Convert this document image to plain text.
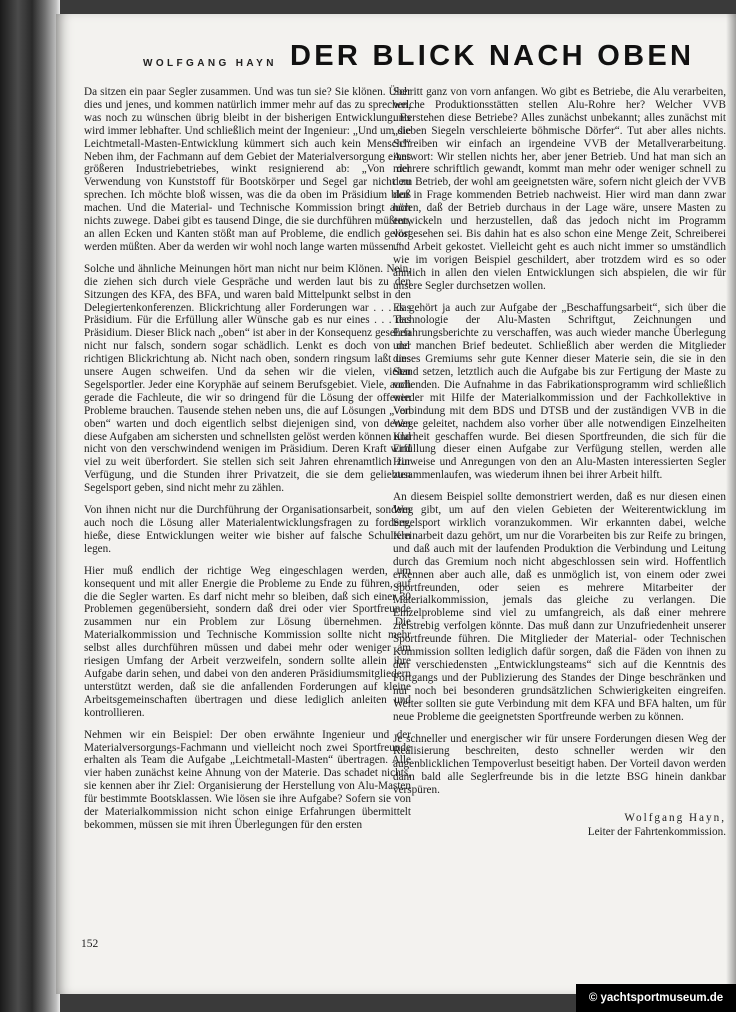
WOLFGANG HAYN DER BLICK NACH OBEN

Da sitzen ein paar Segler zusammen. Und was tun sie? Sie klönen. Über dies und jenes, und kommen natürlich immer mehr auf das zu sprechen, was noch zu wünschen übrig bleibt in der bisherigen Entwicklung. Es wird immer lebhafter. Und schließlich meint der Ingenieur: „Und um die Leichtmetall-Masten-Entwicklung kümmert sich auch kein Mensch!“ Neben ihm, der Fachmann auf dem Gebiet der Materialversorgung eines größeren Industriebetriebes, winkt resignierend ab: „Von der Verwendung von Kunststoff für Bootskörper und Segel gar nicht zu sprechen. Ich möchte bloß wissen, was die da oben im Präsidium bloß machen. Und die Material- und Technische Kommission bringt auch nichts zuwege. Dabei gibt es tausend Dinge, die sie durchführen müßten, an allen Ecken und Kanten stößt man auf Probleme, die endlich gelöst werden müßten. Aber da werden wir wohl noch lange warten müssen.“

Solche und ähnliche Meinungen hört man nicht nur beim Klönen. Nein, die ziehen sich durch viele Gespräche und werden laut bis zu den Sitzungen des KFA, des BFA, und waren bald Mittelpunkt selbst in den Delegiertenkonferenzen. Blickrichtung aller Forderungen war . . . das Präsidium. Für die Erfüllung aller Wünsche gab es nur eines . . . das Präsidium. Dieser Blick nach „oben“ ist aber in der Konsequenz gesehen nicht nur falsch, sondern sogar schädlich. Lenkt es doch von der richtigen Blickrichtung ab. Nicht nach oben, sondern ringsum laßt uns unsere Augen schweifen. Und da sehen wir die vielen, vielen Segelsportler. Jeder eine Koryphäe auf seinem Berufsgebiet. Viele, auch gerade die Fachleute, die wir so dringend für die Lösung der offenen Probleme brauchen. Tausende stehen neben uns, die auf Lösungen „von oben“ warten und doch eigentlich selbst diejenigen sind, von denen diese Aufgaben am sichersten und schnellsten gelöst werden können und nicht von den verschwindend wenigen im Präsidium. Deren Kraft wird viel zu weit überfordert. Sie stellen sich seit Jahren ehrenamtlich zur Verfügung, und die Stunden ihrer Privatzeit, die sie dem geliebten Segelsport geben, sind nicht mehr zu zählen.

Von ihnen nicht nur die Durchführung der Organisationsarbeit, sondern auch noch die Lösung aller Materialentwicklungsfragen zu fordern, hieße, diese Entwicklungen weiter wie bisher auf falsche Schultern legen.

Hier muß endlich der richtige Weg eingeschlagen werden, um konsequent und mit aller Energie die Probleme zu Ende zu führen, auf die die Segler warten. Es darf nicht mehr so bleiben, daß sich einer 30 Problemen gegenübersieht, sondern daß drei oder vier Sportfreunde zusammen nur ein Problem zur Lösung übernehmen. Die Materialkommission und Technische Kommission sollte nicht mehr selbst alles durchführen müssen und dabei mehr oder weniger am riesigen Umfang der Arbeit verzweifeln, sondern sollte allein ihre Aufgabe darin sehen, und dabei von den anderen Präsidiumsmitgliedern unterstützt werden, daß sie die anfallenden Forderungen auf kleine Arbeitsgemeinschaften übertragen und diese lediglich anleiten und kontrollieren.

Nehmen wir ein Beispiel: Der oben erwähnte Ingenieur und der Materialversorgungs-Fachmann und vielleicht noch zwei Sportfreunde erhalten als Team die Aufgabe „Leichtmetall-Masten“ übertragen. Alle vier haben zunächst keine Ahnung von der Materie. Das schadet nichts, sie kennen aber ihr Ziel: Organisierung der Herstellung von Alu-Masten für bestimmte Bootsklassen. Wie lösen sie ihre Aufgabe? Sofern sie von der Materialkommission nicht schon einige Erfahrungen übermittelt bekommen, müssen sie mit ihren Überlegungen für den ersten

Schritt ganz von vorn anfangen. Wo gibt es Betriebe, die Alu verarbeiten, welche Produktionsstätten stellen Alu-Rohre her? Welcher VVB unterstehen diese Betriebe? Alles zunächst unbekannt; alles zunächst mit „sieben Siegeln verschleierte böhmische Dörfer“. Tut aber alles nichts. Schreiben wir einfach an irgendeine VVB der Metallverarbeitung. Antwort: Wir stellen nichts her, aber jener Betrieb. Und hat man sich an mehrere schriftlich gewandt, kommt man mehr oder weniger schnell zu dem Betrieb, der wohl am geeignetsten wäre, sofern nicht gleich der VVB den in Frage kommenden Betrieb nachweist. Hier wird man dann zwar hören, daß der Betrieb durchaus in der Lage wäre, unsere Masten zu entwickeln und herzustellen, daß das jedoch nicht im Programm vorgesehen sei. Bis dahin hat es also schon eine Menge Zeit, Schreiberei und Arbeit gekostet. Vielleicht geht es auch nicht immer so umständlich wie im vorigen Beispiel geschildert, aber trotzdem wird es so oder ähnlich in allen den vielen Entwicklungen sich abspielen, die wir für unsere Segler durchsetzen wollen.

Es gehört ja auch zur Aufgabe der „Beschaffungsarbeit“, sich über die Technologie der Alu-Masten Schriftgut, Zeichnungen und Erfahrungsberichte zu verschaffen, was auch wieder manche Überlegung und manchen Brief bedeutet. Schließlich aber werden die Mitglieder dieses Gremiums sehr gute Kenner dieser Materie sein, die sie in den Stand setzen, letztlich auch die Aufgabe bis zur Fertigung der Maste zu vollenden. Die Aufnahme in das Fabrikationsprogramm wird schließlich wieder mit Hilfe der Materialkommission und der Fachkollektive in Verbindung mit dem BDS und DTSB und der zuständigen VVB in die Wege geleitet, nachdem also vorher über alle notwendigen Einzelheiten Klarheit geschaffen wurde. Bei diesen Sportfreunden, die sich für die Erfüllung dieser einen Aufgabe zur Verfügung stellen, werden alle Hinweise und Anregungen von den an Alu-Masten interessierten Segler zusammenlaufen, was wiederum ihnen bei ihrer Arbeit hilft.

An diesem Beispiel sollte demonstriert werden, daß es nur diesen einen Weg gibt, um auf den vielen Gebieten der Weiterentwicklung im Segelsport wirklich voranzukommen. Wir erkannten dabei, welche Kleinarbeit dazu gehört, um nur die Vorarbeiten bis zur Reife zu bringen, und daß auch mit der laufenden Produktion die Verbindung und Leitung durch das Gremium noch nicht abgeschlossen sein wird. Hoffentlich erkennen aber auch alle, daß es unmöglich ist, von einem oder zwei Sportfreunden, oder seien es mehrere Mitarbeiter der Materialkommission, jemals das gleiche zu verlangen. Die Einzelprobleme sind viel zu umfangreich, als daß einer mehrere zielstrebig verfolgen könnte. Das muß dann zur Unzufriedenheit unserer Sportfreunde führen. Die Mitglieder der Material- oder Technischen Kommission sollten lediglich dafür sorgen, daß die Fäden von ihnen zu den verschiedensten „Entwicklungsteams“ sich auf die Kenntnis des Fortgangs und der Publizierung des Standes der Dinge beschränken und nur noch bei besonderen grundsätzlichen Schwierigkeiten eingreifen. Weiter sollten sie gute Verbindung mit dem KFA und BFA halten, um für neue Probleme die geeignetsten Sportfreunde werben zu können.

Je schneller und energischer wir für unsere Forderungen diesen Weg der Realisierung beschreiten, desto schneller werden wir den augenblicklichen Tempoverlust beseitigt haben. Der Vorteil davon werden dann bald alle Seglerfreunde bis in die letzte BSG hinein dankbar verspüren.

Wolfgang Hayn,
Leiter der Fahrtenkommission.
152
© yachtsportmuseum.de
